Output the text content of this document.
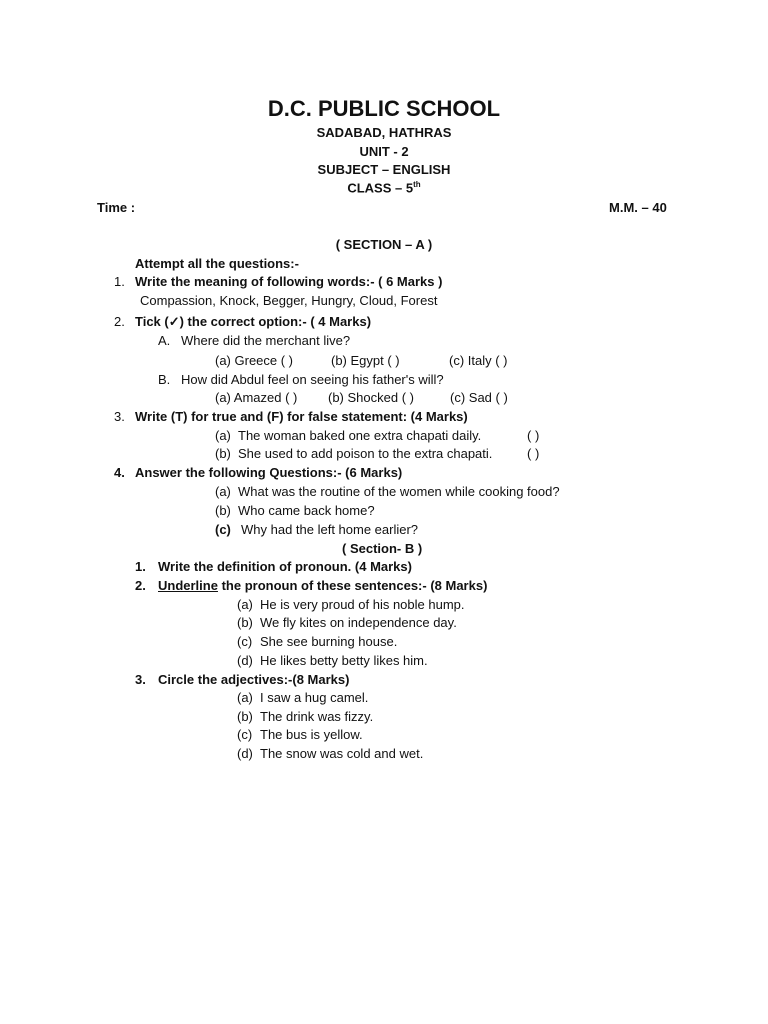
D.C. PUBLIC SCHOOL
SADABAD, HATHRAS
UNIT - 2
SUBJECT – ENGLISH
CLASS – 5th
Time :	M.M. – 40
( SECTION – A )
Attempt all the questions:-
1. Write the meaning of following words:- ( 6 Marks )
Compassion, Knock, Begger, Hungry, Cloud, Forest
2. Tick (✓) the correct option:- ( 4 Marks)
A. Where did the merchant live?
(a) Greece ( )	(b) Egypt ( )	(c) Italy ( )
B. How did Abdul feel on seeing his father's will?
(a) Amazed ( ) (b) Shocked ( )	(c) Sad ( )
3. Write (T) for true and (F) for false statement: (4 Marks)
(a) The woman baked one extra chapati daily.	( )
(b) She used to add poison to the extra chapati.	( )
4. Answer the following Questions:- (6 Marks)
(a) What was the routine of the women while cooking food?
(b) Who came back home?
(c) Why had the left home earlier?
( Section- B )
1. Write the definition of pronoun. (4 Marks)
2. Underline the pronoun of these sentences:- (8 Marks)
(a) He is very proud of his noble hump.
(b) We fly kites on independence day.
(c) She see burning house.
(d) He likes betty betty likes him.
3. Circle the adjectives:-(8 Marks)
(a) I saw a hug camel.
(b) The drink was fizzy.
(c) The bus is yellow.
(d) The snow was cold and wet.
